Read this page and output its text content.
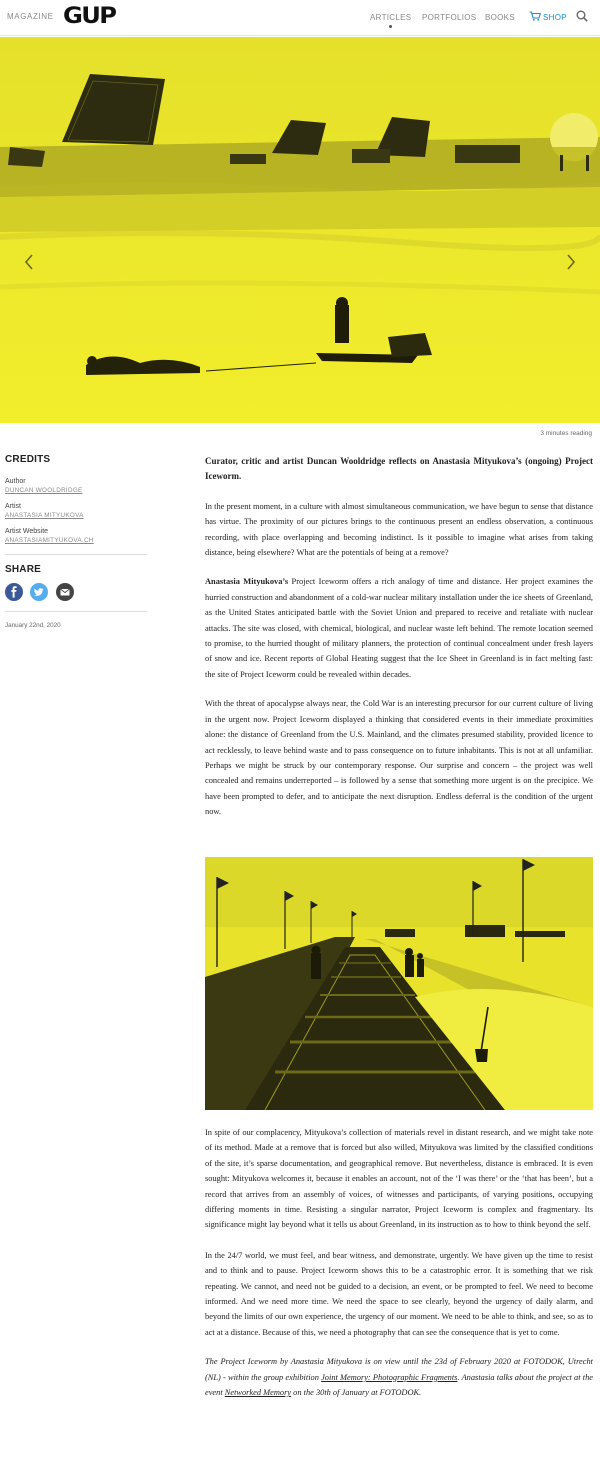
MAGAZINE GUP	ARTICLES PORTFOLIOS BOOKS	SHOP
3 minutes reading
CREDITS
Author
DUNCAN WOOLDRIDGE
Artist
ANASTASIA MITYUKOVA
Artist Website
ANASTASIAMITYUKOVA.CH
SHARE

January 22nd, 2020

Curator, critic and artist Duncan Wooldridge reflects on Anastasia Mityukova’s (ongoing) Project Iceworm.

In the present moment, in a culture with almost simultaneous communication, we have begun to sense that distance has virtue. The proximity of our pictures brings to the continuous present an endless observation, a continuous recording, with place overlapping and becoming indistinct. Is it possible to imagine what arises from taking distance, being elsewhere? What are the potentials of being at a remove?

Anastasia Mityukova’s Project Iceworm offers a rich analogy of time and distance. Her project examines the hurried construction and abandonment of a cold-war nuclear military installation under the ice sheets of Greenland, as the United States anticipated battle with the Soviet Union and prepared to receive and retaliate with nuclear attacks. The site was closed, with chemical, biological, and nuclear waste left behind. The remote location seemed to promise, to the hurried thought of military planners, the protection of continual concealment under fresh layers of snow and ice. Recent reports of Global Heating suggest that the Ice Sheet in Greenland is in fact melting fast: the site of Project Iceworm could be revealed within decades.

With the threat of apocalypse always near, the Cold War is an interesting precursor for our current culture of living in the urgent now. Project Iceworm displayed a thinking that considered events in their immediate proximities alone: the distance of Greenland from the U.S. Mainland, and the climates presumed stability, provided licence to act recklessly, to leave behind waste and to pass consequence on to future inhabitants. This is not at all unfamiliar. Perhaps we might be struck by our contemporary response. Our surprise and concern – the project was well concealed and remains underreported – is followed by a sense that something more urgent is on the precipice. We have been prompted to defer, and to anticipate the next disruption. Endless deferral is the condition of the urgent now.

In spite of our complacency, Mityukova’s collection of materials revel in distant research, and we might take note of its method. Made at a remove that is forced but also willed, Mityukova was limited by the classified conditions of the site, it’s sparse documentation, and geographical remove. But nevertheless, distance is embraced. It is even sought: Mityukova welcomes it, because it enables an account, not of the ‘I was there’ or the ‘that has been’, but a record that arrives from an assembly of voices, of witnesses and participants, of varying positions, occupying differing moments in time. Resisting a singular narrator, Project Iceworm is complex and fragmentary. Its significance might lay beyond what it tells us about Greenland, in its instruction as to how to think beyond the self.

In the 24/7 world, we must feel, and bear witness, and demonstrate, urgently. We have given up the time to resist and to think and to pause. Project Iceworm shows this to be a catastrophic error. It is something that we risk repeating. We cannot, and need not be guided to a decision, an event, or be prompted to feel. We need to become informed. And we need more time. We need the space to see clearly, beyond the urgency of daily alarm, and beyond the limits of our own experience, the urgency of our moment. We need to be able to think, and see, so as to act at a distance. Because of this, we need a photography that can see the consequence that is yet to come.

The Project Iceworm by Anastasia Mityukova is on view until the 23d of February 2020 at FOTODOK, Utrecht (NL) - within the group exhibition Joint Memory: Photographic Fragments. Anastasia talks about the project at the event Networked Memory on the 30th of January at FOTODOK.
